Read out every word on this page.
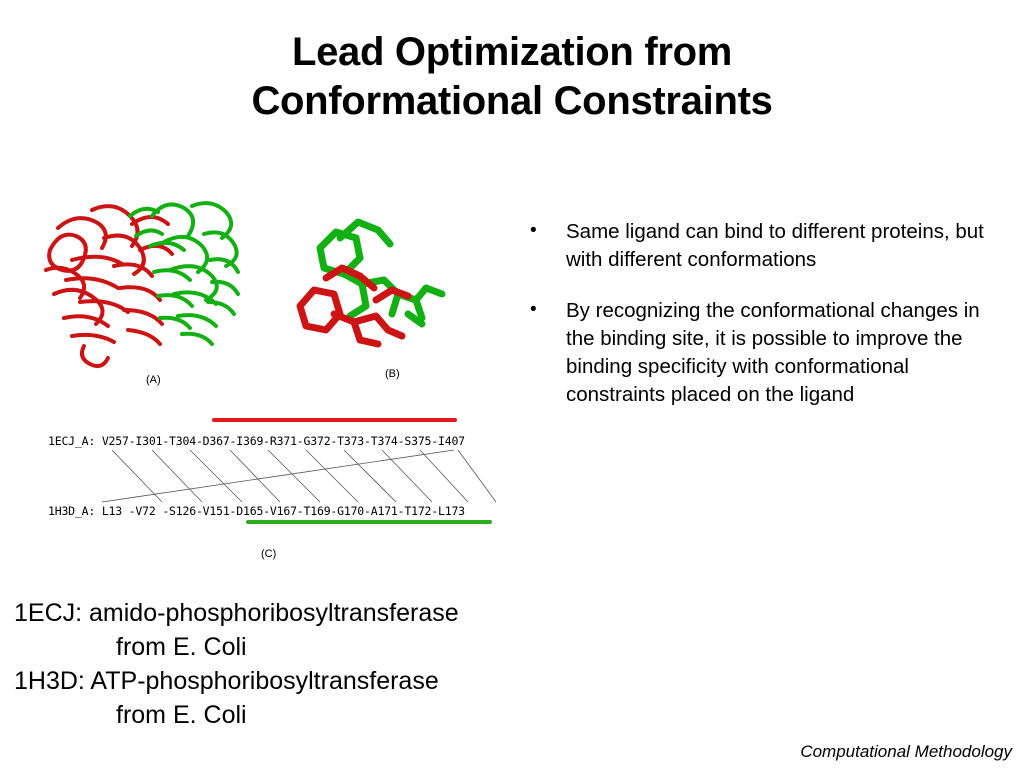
Lead Optimization from
Conformational Constraints
(A)	(B)
(C)
1ECJ_A: V257-I301-T304-D367-I369-R371-G372-T373-T374-S375-I407
1H3D_A: L13 -V72 -S126-V151-D165-V167-T169-G170-A171-T172-L173
• Same ligand can bind to different proteins, but with different conformations
• By recognizing the conformational changes in the binding site, it is possible to improve the binding specificity with conformational constraints placed on the ligand
1ECJ: amido-phosphoribosyltransferase
from E. Coli
1H3D: ATP-phosphoribosyltransferase
from E. Coli
Computational Methodology
